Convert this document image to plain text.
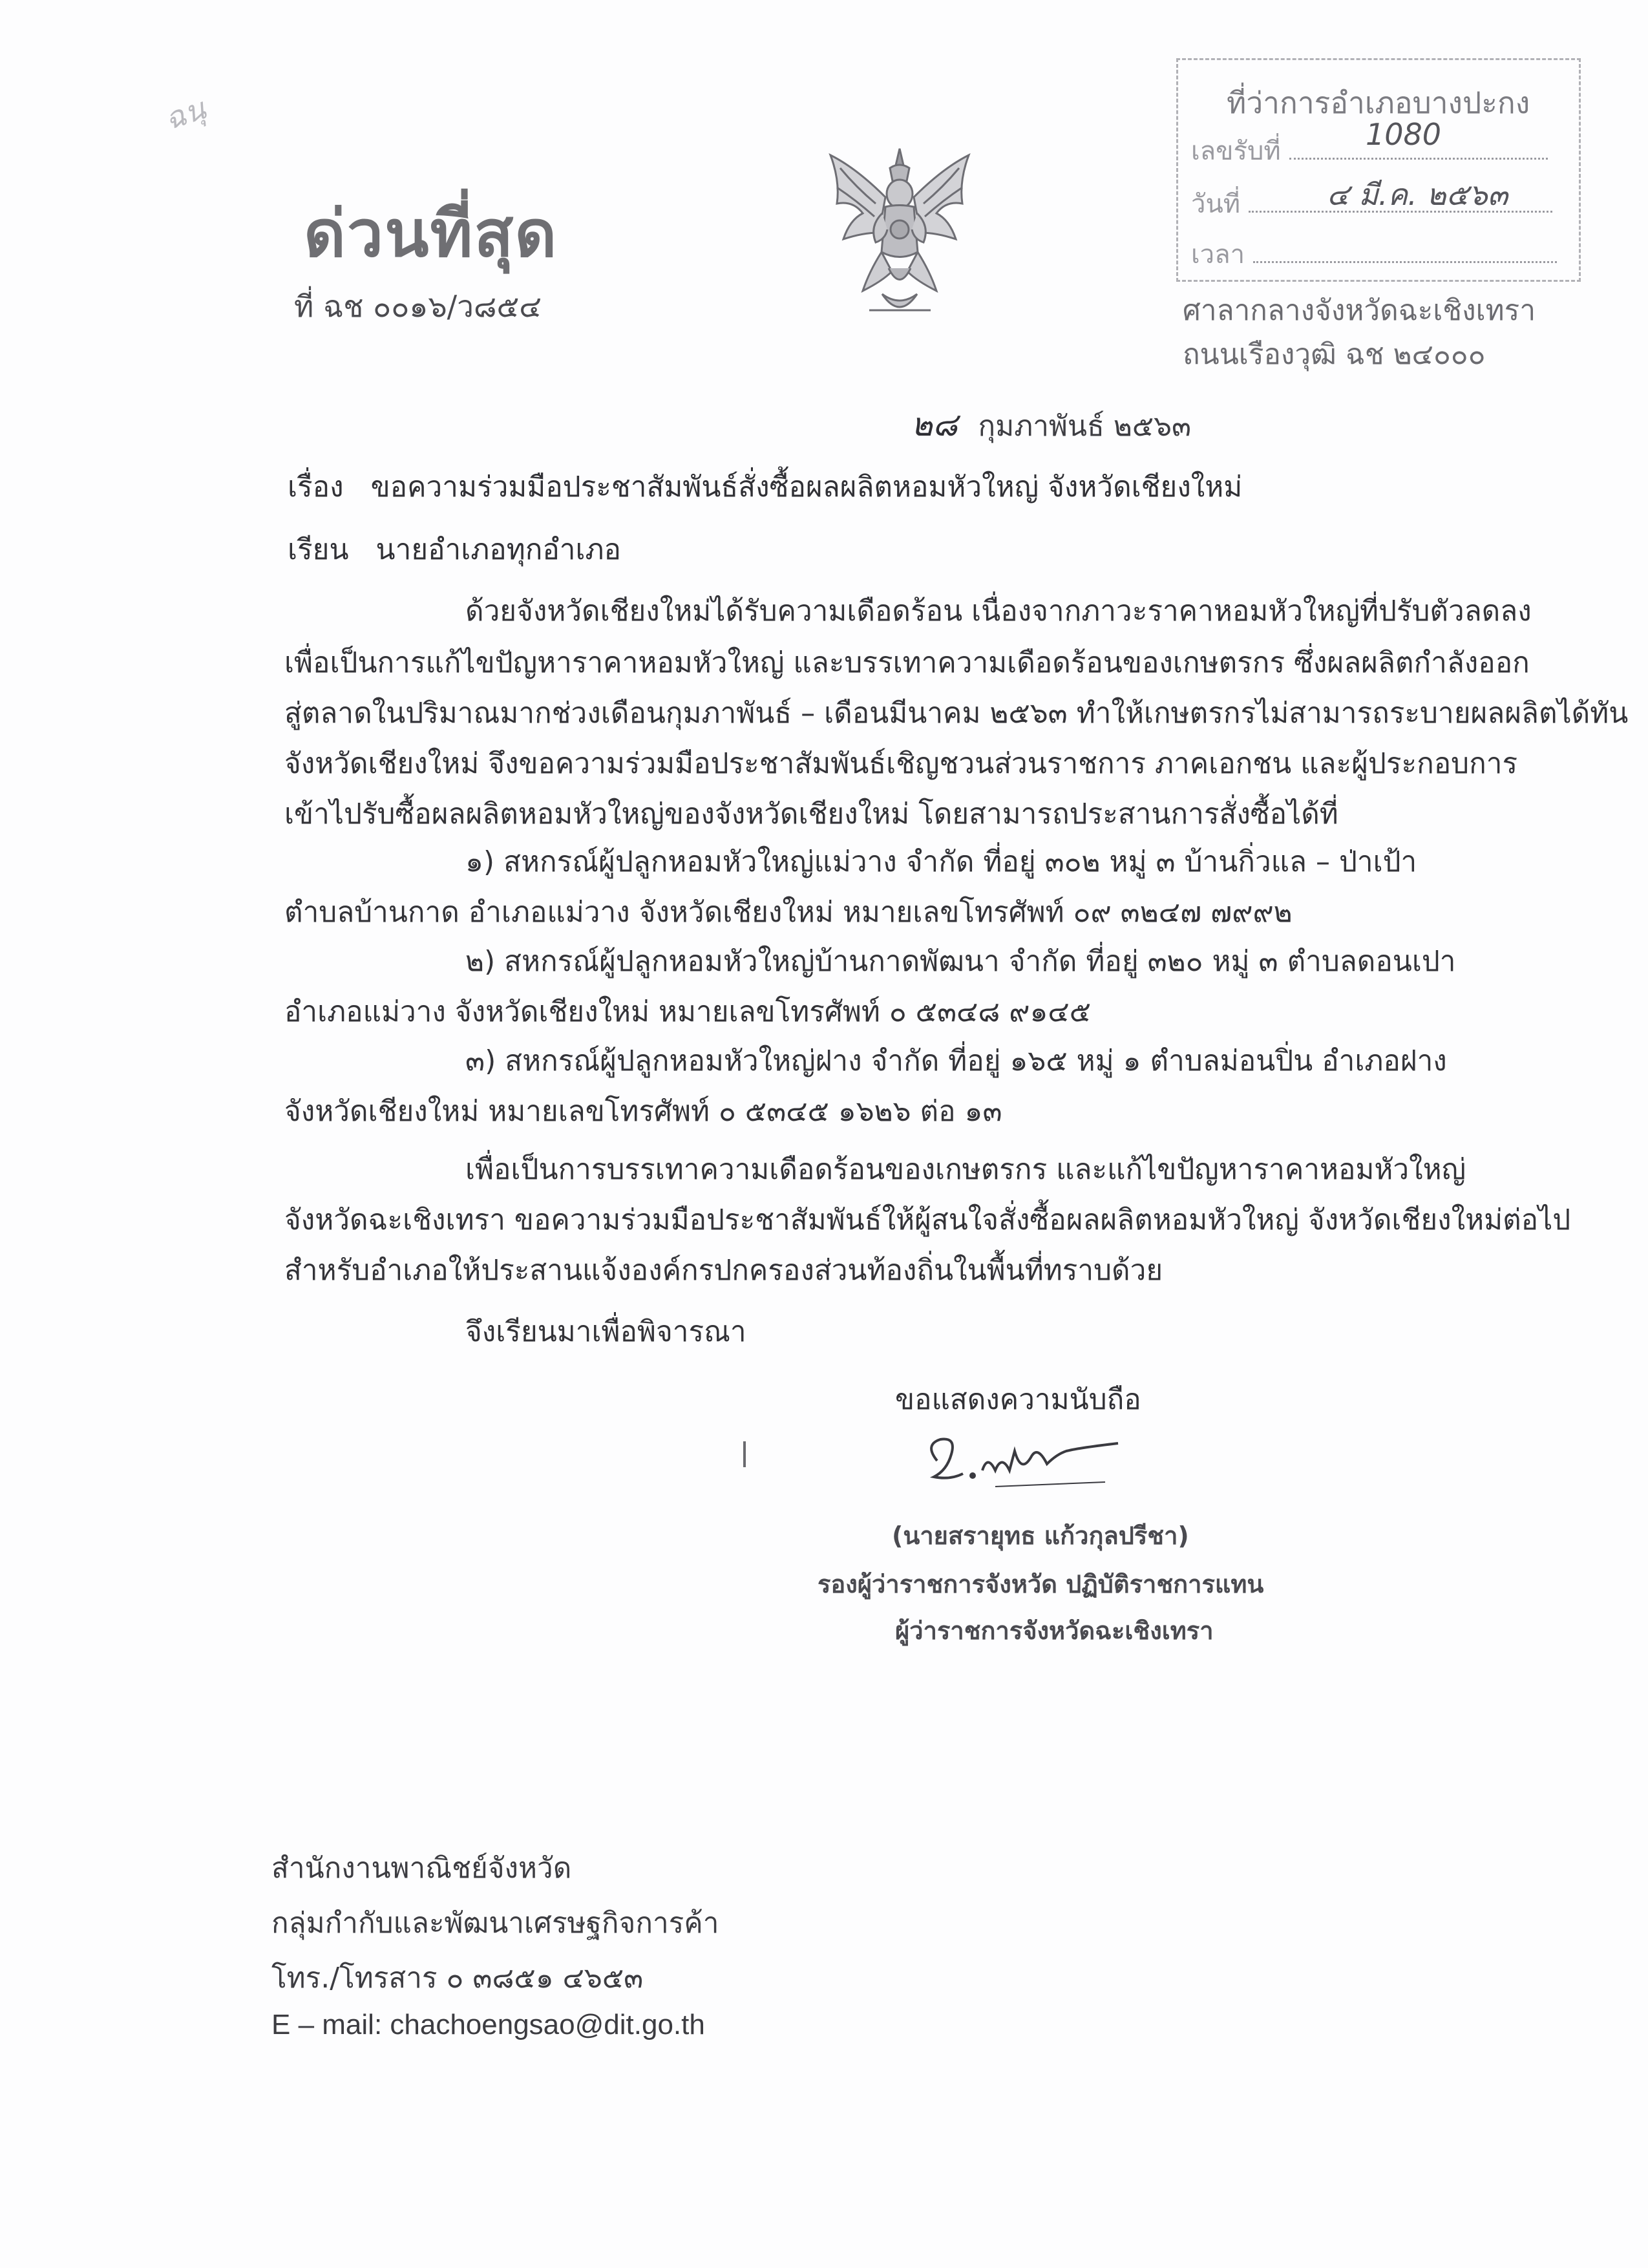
ฉนุ
ด่วนที่สุด
ที่ ฉช ๐๐๑๖/ว๘๕๔
ที่ว่าการอำเภอบางปะกง
เลขรับที่	1080
วันที่	๔ มี.ค. ๒๕๖๓
เวลา
ศาลากลางจังหวัดฉะเชิงเทรา
ถนนเรืองวุฒิ ฉช ๒๔๐๐๐
๒๘ กุมภาพันธ์ ๒๕๖๓
เรื่อง ขอความร่วมมือประชาสัมพันธ์สั่งซื้อผลผลิตหอมหัวใหญ่ จังหวัดเชียงใหม่
เรียน นายอำเภอทุกอำเภอ
ด้วยจังหวัดเชียงใหม่ได้รับความเดือดร้อน เนื่องจากภาวะราคาหอมหัวใหญ่ที่ปรับตัวลดลง
เพื่อเป็นการแก้ไขปัญหาราคาหอมหัวใหญ่ และบรรเทาความเดือดร้อนของเกษตรกร ซึ่งผลผลิตกำลังออก
สู่ตลาดในปริมาณมากช่วงเดือนกุมภาพันธ์ – เดือนมีนาคม ๒๕๖๓ ทำให้เกษตรกรไม่สามารถระบายผลผลิตได้ทัน
จังหวัดเชียงใหม่ จึงขอความร่วมมือประชาสัมพันธ์เชิญชวนส่วนราชการ ภาคเอกชน และผู้ประกอบการ
เข้าไปรับซื้อผลผลิตหอมหัวใหญ่ของจังหวัดเชียงใหม่ โดยสามารถประสานการสั่งซื้อได้ที่
๑) สหกรณ์ผู้ปลูกหอมหัวใหญ่แม่วาง จำกัด ที่อยู่ ๓๐๒ หมู่ ๓ บ้านกิ่วแล – ป่าเป้า
ตำบลบ้านกาด อำเภอแม่วาง จังหวัดเชียงใหม่ หมายเลขโทรศัพท์ ๐๙ ๓๒๔๗ ๗๙๙๒
๒) สหกรณ์ผู้ปลูกหอมหัวใหญ่บ้านกาดพัฒนา จำกัด ที่อยู่ ๓๒๐ หมู่ ๓ ตำบลดอนเปา
อำเภอแม่วาง จังหวัดเชียงใหม่ หมายเลขโทรศัพท์ ๐ ๕๓๔๘ ๙๑๔๕
๓) สหกรณ์ผู้ปลูกหอมหัวใหญ่ฝาง จำกัด ที่อยู่ ๑๖๕ หมู่ ๑ ตำบลม่อนปิ่น อำเภอฝาง
จังหวัดเชียงใหม่ หมายเลขโทรศัพท์ ๐ ๕๓๔๕ ๑๖๒๖ ต่อ ๑๓
เพื่อเป็นการบรรเทาความเดือดร้อนของเกษตรกร และแก้ไขปัญหาราคาหอมหัวใหญ่
จังหวัดฉะเชิงเทรา ขอความร่วมมือประชาสัมพันธ์ให้ผู้สนใจสั่งซื้อผลผลิตหอมหัวใหญ่ จังหวัดเชียงใหม่ต่อไป
สำหรับอำเภอให้ประสานแจ้งองค์กรปกครองส่วนท้องถิ่นในพื้นที่ทราบด้วย
จึงเรียนมาเพื่อพิจารณา
ขอแสดงความนับถือ
(นายสรายุทธ แก้วกุลปรีชา)
รองผู้ว่าราชการจังหวัด ปฏิบัติราชการแทน
ผู้ว่าราชการจังหวัดฉะเชิงเทรา
สำนักงานพาณิชย์จังหวัด
กลุ่มกำกับและพัฒนาเศรษฐกิจการค้า
โทร./โทรสาร ๐ ๓๘๕๑ ๔๖๕๓
E – mail: chachoengsao@dit.go.th
